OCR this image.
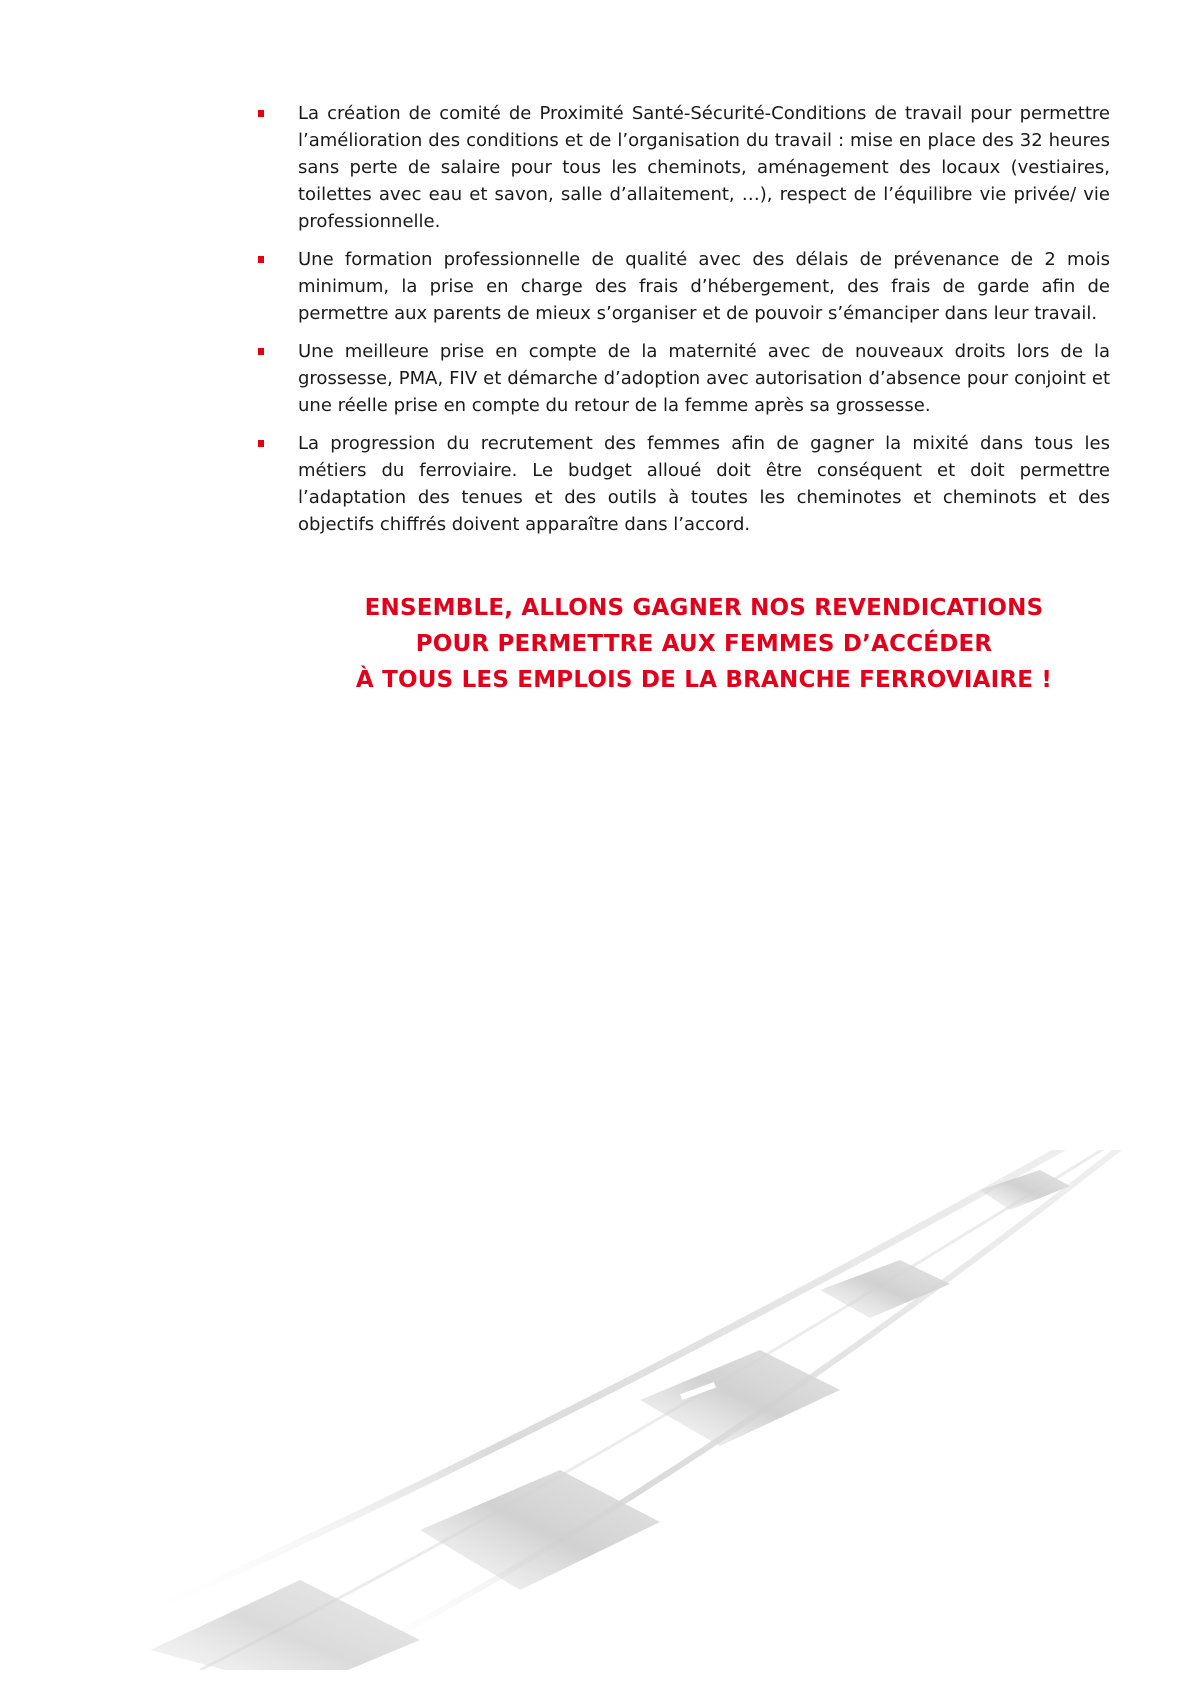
La création de comité de Proximité Santé-Sécurité-Conditions de travail pour permettre l’amélioration des conditions et de l’organisation du travail : mise en place des 32 heures sans perte de salaire pour tous les cheminots, aménagement des locaux (vestiaires, toilettes avec eau et savon, salle d’allaitement, …), respect de l’équilibre vie privée/ vie professionnelle.
Une formation professionnelle de qualité avec des délais de prévenance de 2 mois minimum, la prise en charge des frais d’hébergement, des frais de garde afin de permettre aux parents de mieux s’organiser et de pouvoir s’émanciper dans leur travail.
Une meilleure prise en compte de la maternité avec de nouveaux droits lors de la grossesse, PMA, FIV et démarche d’adoption avec autorisation d’absence pour conjoint et une réelle prise en compte du retour de la femme après sa grossesse.
La progression du recrutement des femmes afin de gagner la mixité dans tous les métiers du ferroviaire. Le budget alloué doit être conséquent et doit permettre l’adaptation des tenues et des outils à toutes les cheminotes et cheminots et des objectifs chiffrés doivent apparaître dans l’accord.
ENSEMBLE, ALLONS GAGNER NOS REVENDICATIONS
POUR PERMETTRE AUX FEMMES D’ACCÉDER
À TOUS LES EMPLOIS DE LA BRANCHE FERROVIAIRE !
